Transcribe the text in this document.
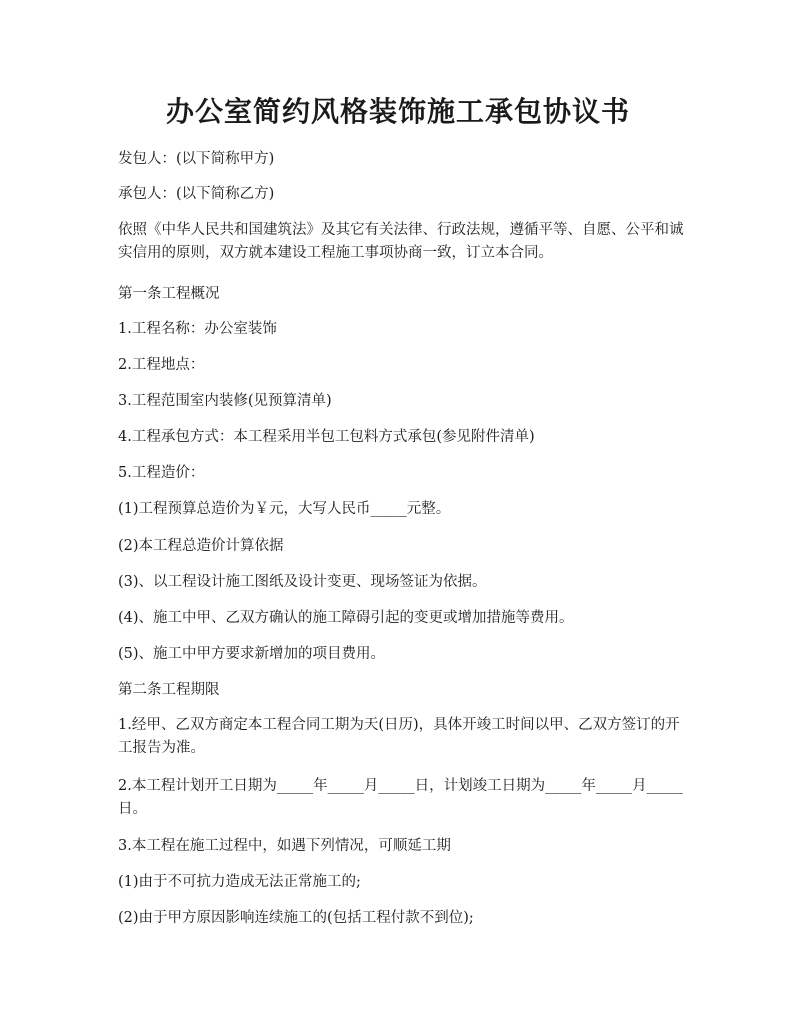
办公室简约风格装饰施工承包协议书
发包人：(以下简称甲方)
承包人：(以下简称乙方)
依照《中华人民共和国建筑法》及其它有关法律、行政法规，遵循平等、自愿、公平和诚实信用的原则，双方就本建设工程施工事项协商一致，订立本合同。
第一条工程概况
1.工程名称：办公室装饰
2.工程地点：
3.工程范围室内装修(见预算清单)
4.工程承包方式：本工程采用半包工包料方式承包(参见附件清单)
5.工程造价：
(1)工程预算总造价为￥元，大写人民币_____元整。
(2)本工程总造价计算依据
(3)、以工程设计施工图纸及设计变更、现场签证为依据。
(4)、施工中甲、乙双方确认的施工障碍引起的变更或增加措施等费用。
(5)、施工中甲方要求新增加的项目费用。
第二条工程期限
1.经甲、乙双方商定本工程合同工期为天(日历)，具体开竣工时间以甲、乙双方签订的开工报告为准。
2.本工程计划开工日期为_____年_____月_____日，计划竣工日期为_____年_____月_____日。
3.本工程在施工过程中，如遇下列情况，可顺延工期
(1)由于不可抗力造成无法正常施工的;
(2)由于甲方原因影响连续施工的(包括工程付款不到位);
